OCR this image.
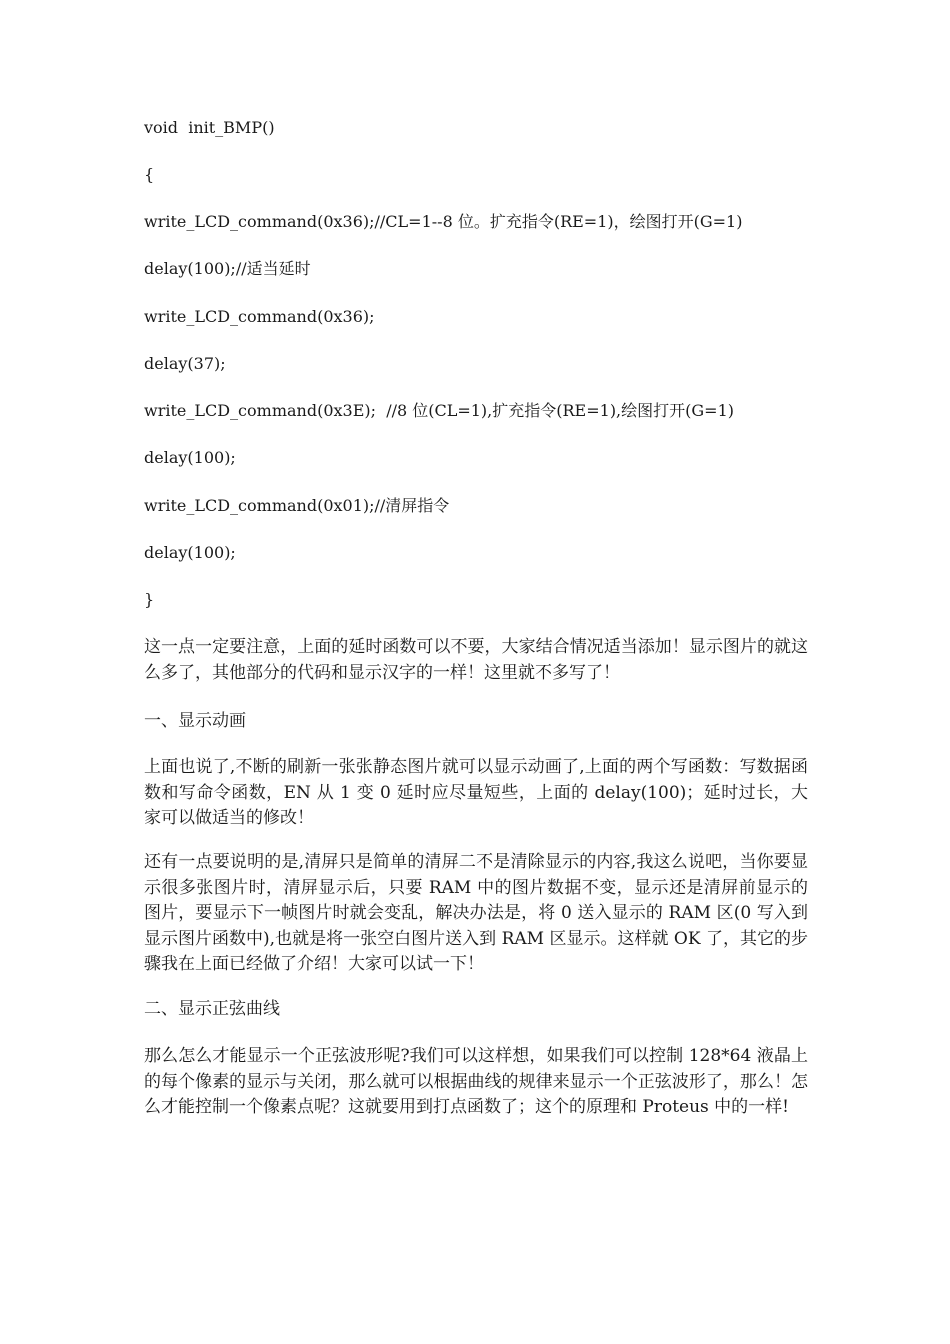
void  init_BMP()
{
write_LCD_command(0x36);//CL=1--8 位。扩充指令(RE=1)，绘图打开(G=1)
delay(100);//适当延时
write_LCD_command(0x36);
delay(37);
write_LCD_command(0x3E);  //8 位(CL=1),扩充指令(RE=1),绘图打开(G=1)
delay(100);
write_LCD_command(0x01);//清屏指令
delay(100);
}
这一点一定要注意，上面的延时函数可以不要，大家结合情况适当添加！显示图片的就这么多了，其他部分的代码和显示汉字的一样！这里就不多写了！
一、显示动画
上面也说了,不断的刷新一张张静态图片就可以显示动画了,上面的两个写函数：写数据函数和写命令函数，EN 从 1 变 0 延时应尽量短些，上面的 delay(100)；延时过长，大家可以做适当的修改！
还有一点要说明的是,清屏只是简单的清屏二不是清除显示的内容,我这么说吧，当你要显示很多张图片时，清屏显示后，只要 RAM 中的图片数据不变，显示还是清屏前显示的图片，要显示下一帧图片时就会变乱，解决办法是，将 0 送入显示的 RAM 区(0 写入到显示图片函数中),也就是将一张空白图片送入到 RAM 区显示。这样就 OK 了，其它的步骤我在上面已经做了介绍！大家可以试一下！
二、显示正弦曲线
那么怎么才能显示一个正弦波形呢?我们可以这样想，如果我们可以控制 128*64 液晶上的每个像素的显示与关闭，那么就可以根据曲线的规律来显示一个正弦波形了，那么！怎么才能控制一个像素点呢？这就要用到打点函数了；这个的原理和 Proteus 中的一样!
